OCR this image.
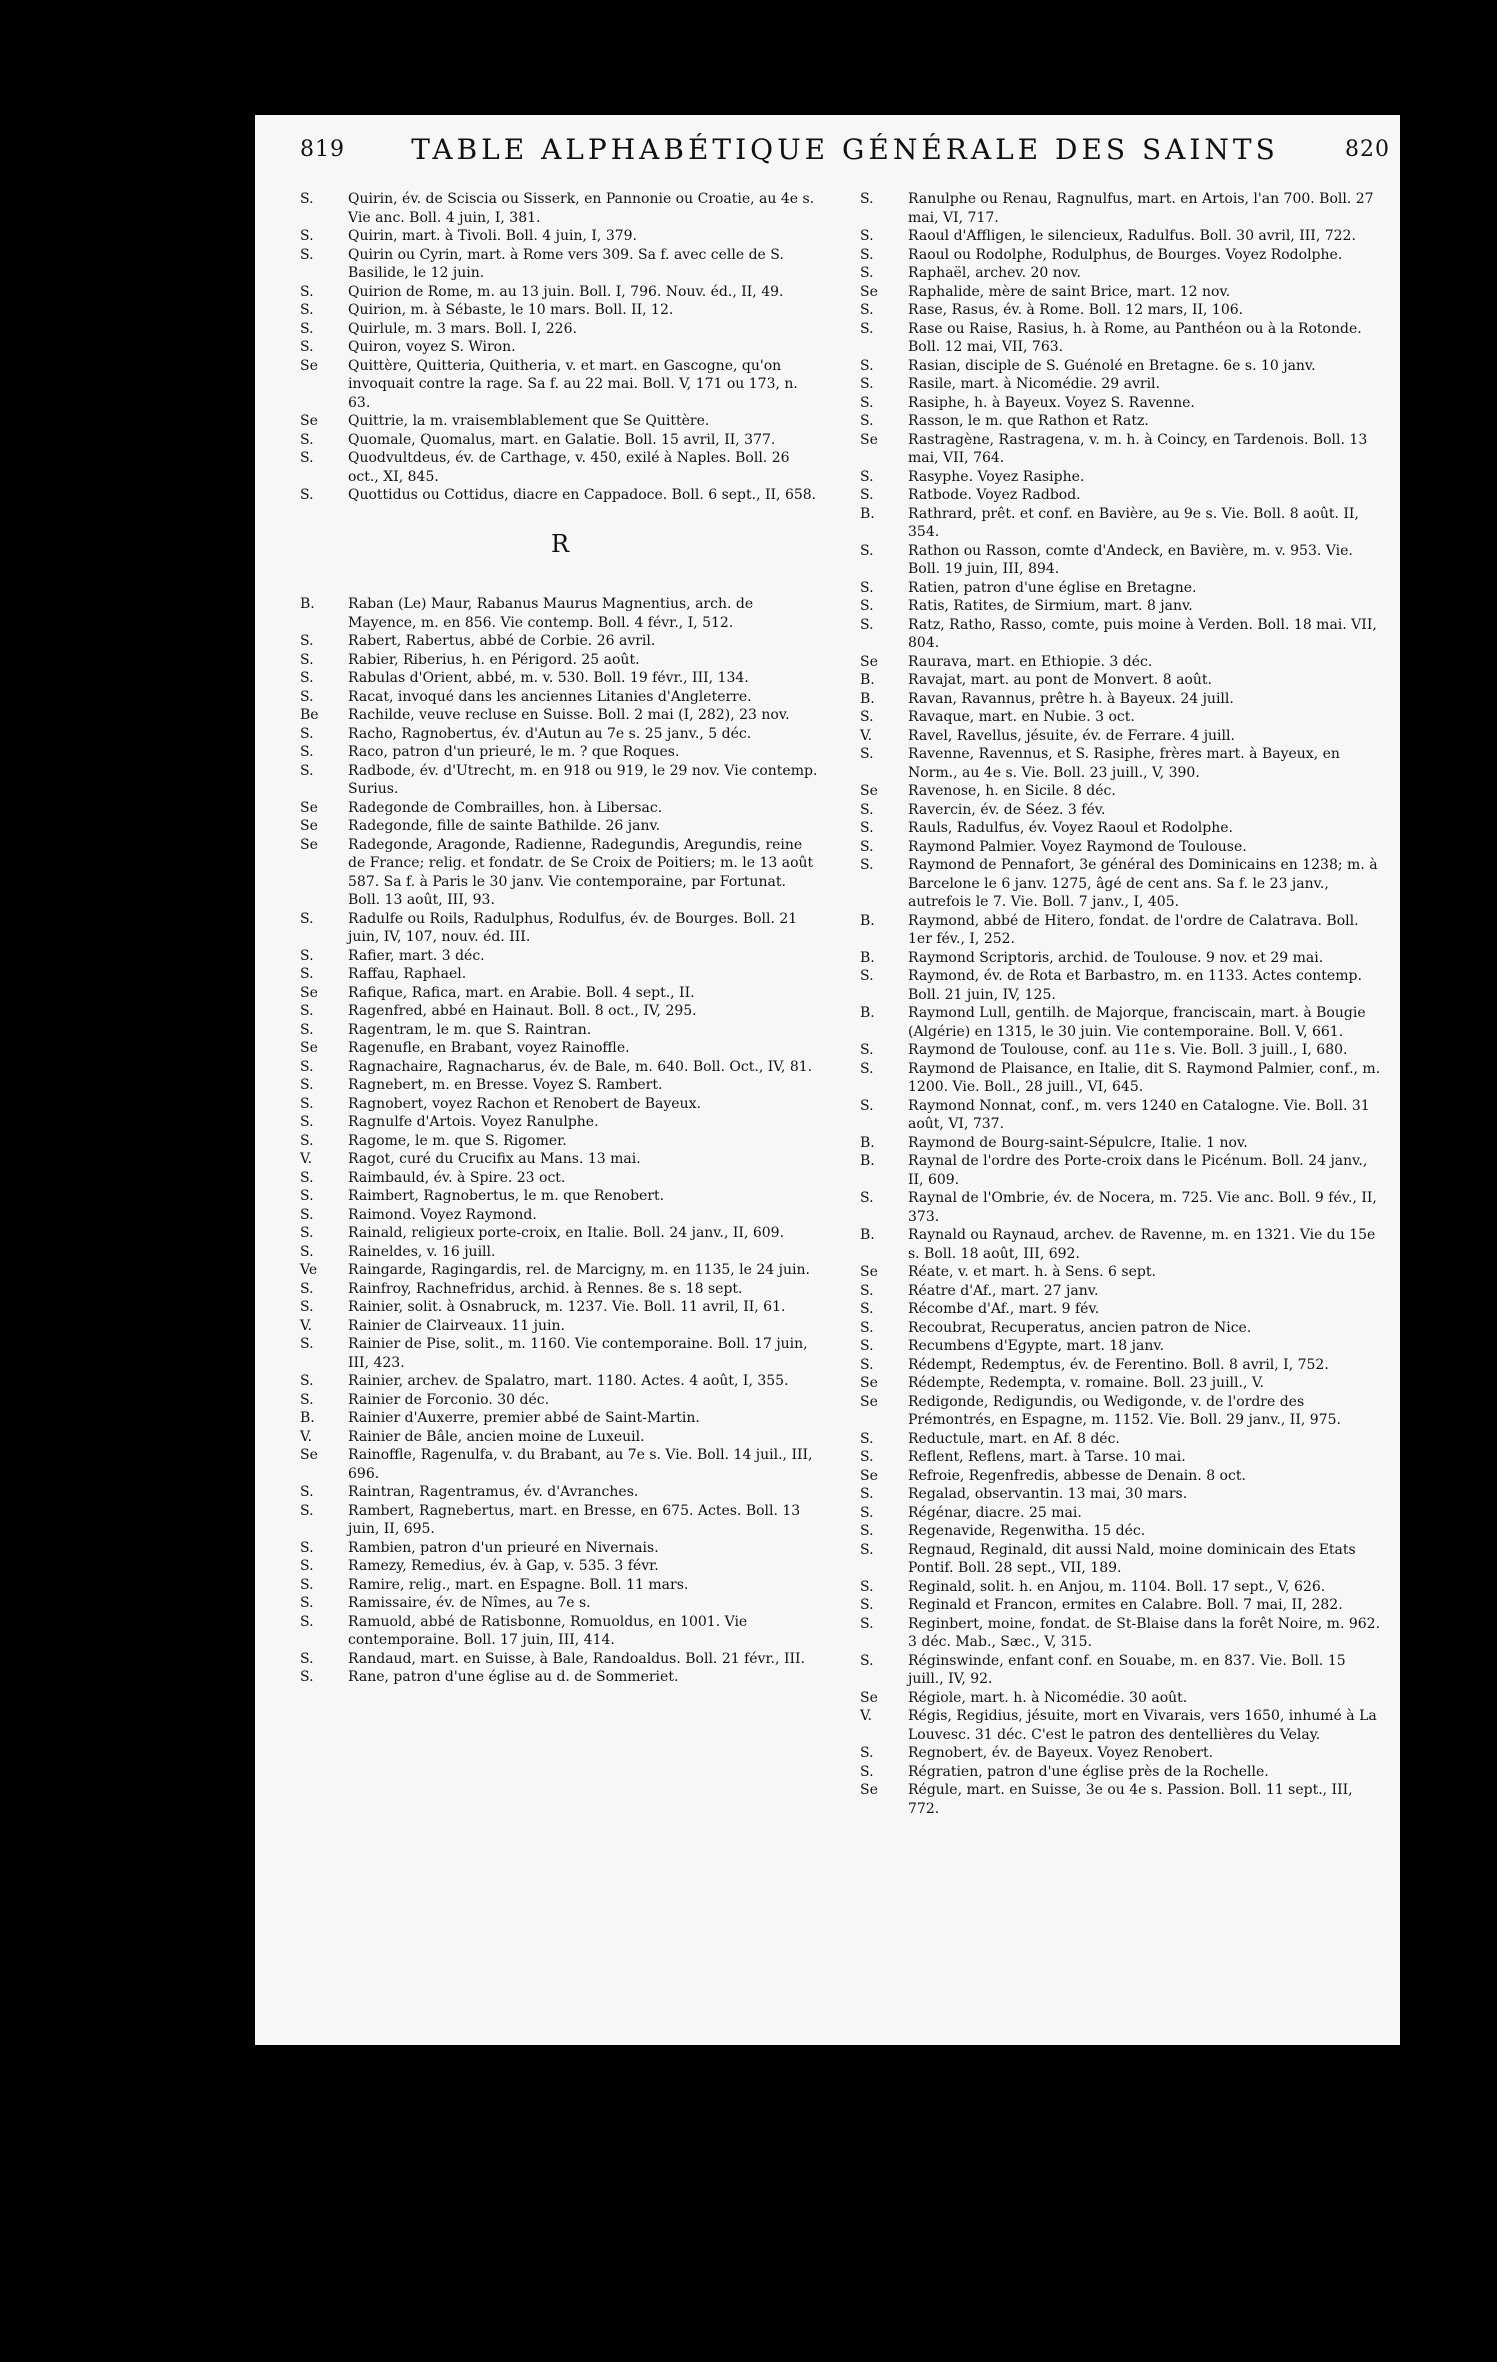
819	TABLE ALPHABÉTIQUE GÉNÉRALE DES SAINTS	820
S.	Quirin, év. de Sciscia ou Sisserk, en Pannonie ou Croatie, au 4e s. Vie anc. Boll. 4 juin, I, 381.
S.	Quirin, mart. à Tivoli. Boll. 4 juin, I, 379.
S.	Quirin ou Cyrin, mart. à Rome vers 309. Sa f. avec celle de S. Basilide, le 12 juin.
S.	Quirion de Rome, m. au 13 juin. Boll. I, 796. Nouv. éd., II, 49.
S.	Quirion, m. à Sébaste, le 10 mars. Boll. II, 12.
S.	Quirlule, m. 3 mars. Boll. I, 226.
S.	Quiron, voyez S. Wiron.
Se	Quittère, Quitteria, Quitheria, v. et mart. en Gascogne, qu'on invoquait contre la rage. Sa f. au 22 mai. Boll. V, 171 ou 173, n. 63.
Se	Quittrie, la m. vraisemblablement que Se Quittère.
S.	Quomale, Quomalus, mart. en Galatie. Boll. 15 avril, II, 377.
S.	Quodvultdeus, év. de Carthage, v. 450, exilé à Naples. Boll. 26 oct., XI, 845.
S.	Quottidus ou Cottidus, diacre en Cappadoce. Boll. 6 sept., II, 658.
R
B.	Raban (Le) Maur, Rabanus Maurus Magnentius, arch. de Mayence, m. en 856. Vie contemp. Boll. 4 févr., I, 512.
S.	Rabert, Rabertus, abbé de Corbie. 26 avril.
S.	Rabier, Riberius, h. en Périgord. 25 août.
S.	Rabulas d'Orient, abbé, m. v. 530. Boll. 19 févr., III, 134.
S.	Racat, invoqué dans les anciennes Litanies d'Angleterre.
Be	Rachilde, veuve recluse en Suisse. Boll. 2 mai (I, 282), 23 nov.
S.	Racho, Ragnobertus, év. d'Autun au 7e s. 25 janv., 5 déc.
S.	Raco, patron d'un prieuré, le m. ? que Roques.
S.	Radbode, év. d'Utrecht, m. en 918 ou 919, le 29 nov. Vie contemp. Surius.
Se	Radegonde de Combrailles, hon. à Libersac.
Se	Radegonde, fille de sainte Bathilde. 26 janv.
Se	Radegonde, Aragonde, Radienne, Radegundis, Aregundis, reine de France; relig. et fondatr. de Se Croix de Poitiers; m. le 13 août 587. Sa f. à Paris le 30 janv. Vie contemporaine, par Fortunat. Boll. 13 août, III, 93.
S.	Radulfe ou Roils, Radulphus, Rodulfus, év. de Bourges. Boll. 21 juin, IV, 107, nouv. éd. III.
S.	Rafier, mart. 3 déc.
S.	Raffau, Raphael.
Se	Rafique, Rafica, mart. en Arabie. Boll. 4 sept., II.
S.	Ragenfred, abbé en Hainaut. Boll. 8 oct., IV, 295.
S.	Ragentram, le m. que S. Raintran.
Se	Ragenufle, en Brabant, voyez Rainoffle.
S.	Ragnachaire, Ragnacharus, év. de Bale, m. 640. Boll. Oct., IV, 81.
S.	Ragnebert, m. en Bresse. Voyez S. Rambert.
S.	Ragnobert, voyez Rachon et Renobert de Bayeux.
S.	Ragnulfe d'Artois. Voyez Ranulphe.
S.	Ragome, le m. que S. Rigomer.
V.	Ragot, curé du Crucifix au Mans. 13 mai.
S.	Raimbauld, év. à Spire. 23 oct.
S.	Raimbert, Ragnobertus, le m. que Renobert.
S.	Raimond. Voyez Raymond.
S.	Rainald, religieux porte-croix, en Italie. Boll. 24 janv., II, 609.
S.	Raineldes, v. 16 juill.
Ve	Raingarde, Ragingardis, rel. de Marcigny, m. en 1135, le 24 juin.
S.	Rainfroy, Rachnefridus, archid. à Rennes. 8e s. 18 sept.
S.	Rainier, solit. à Osnabruck, m. 1237. Vie. Boll. 11 avril, II, 61.
V.	Rainier de Clairveaux. 11 juin.
S.	Rainier de Pise, solit., m. 1160. Vie contemporaine. Boll. 17 juin, III, 423.
S.	Rainier, archev. de Spalatro, mart. 1180. Actes. 4 août, I, 355.
S.	Rainier de Forconio. 30 déc.
B.	Rainier d'Auxerre, premier abbé de Saint-Martin.
V.	Rainier de Bâle, ancien moine de Luxeuil.
Se	Rainoffle, Ragenulfa, v. du Brabant, au 7e s. Vie. Boll. 14 juil., III, 696.
S.	Raintran, Ragentramus, év. d'Avranches.
S.	Rambert, Ragnebertus, mart. en Bresse, en 675. Actes. Boll. 13 juin, II, 695.
S.	Rambien, patron d'un prieuré en Nivernais.
S.	Ramezy, Remedius, év. à Gap, v. 535. 3 févr.
S.	Ramire, relig., mart. en Espagne. Boll. 11 mars.
S.	Ramissaire, év. de Nîmes, au 7e s.
S.	Ramuold, abbé de Ratisbonne, Romuoldus, en 1001. Vie contemporaine. Boll. 17 juin, III, 414.
S.	Randaud, mart. en Suisse, à Bale, Randoaldus. Boll. 21 févr., III.
S.	Rane, patron d'une église au d. de Sommeriet.
S.	Ranulphe ou Renau, Ragnulfus, mart. en Artois, l'an 700. Boll. 27 mai, VI, 717.
S.	Raoul d'Affligen, le silencieux, Radulfus. Boll. 30 avril, III, 722.
S.	Raoul ou Rodolphe, Rodulphus, de Bourges. Voyez Rodolphe.
S.	Raphaël, archev. 20 nov.
Se	Raphalide, mère de saint Brice, mart. 12 nov.
S.	Rase, Rasus, év. à Rome. Boll. 12 mars, II, 106.
S.	Rase ou Raise, Rasius, h. à Rome, au Panthéon ou à la Rotonde. Boll. 12 mai, VII, 763.
S.	Rasian, disciple de S. Guénolé en Bretagne. 6e s. 10 janv.
S.	Rasile, mart. à Nicomédie. 29 avril.
S.	Rasiphe, h. à Bayeux. Voyez S. Ravenne.
S.	Rasson, le m. que Rathon et Ratz.
Se	Rastragène, Rastragena, v. m. h. à Coincy, en Tardenois. Boll. 13 mai, VII, 764.
S.	Rasyphe. Voyez Rasiphe.
S.	Ratbode. Voyez Radbod.
B.	Rathrard, prêt. et conf. en Bavière, au 9e s. Vie. Boll. 8 août. II, 354.
S.	Rathon ou Rasson, comte d'Andeck, en Bavière, m. v. 953. Vie. Boll. 19 juin, III, 894.
S.	Ratien, patron d'une église en Bretagne.
S.	Ratis, Ratites, de Sirmium, mart. 8 janv.
S.	Ratz, Ratho, Rasso, comte, puis moine à Verden. Boll. 18 mai. VII, 804.
Se	Raurava, mart. en Ethiopie. 3 déc.
B.	Ravajat, mart. au pont de Monvert. 8 août.
B.	Ravan, Ravannus, prêtre h. à Bayeux. 24 juill.
S.	Ravaque, mart. en Nubie. 3 oct.
V.	Ravel, Ravellus, jésuite, év. de Ferrare. 4 juill.
S.	Ravenne, Ravennus, et S. Rasiphe, frères mart. à Bayeux, en Norm., au 4e s. Vie. Boll. 23 juill., V, 390.
Se	Ravenose, h. en Sicile. 8 déc.
S.	Ravercin, év. de Séez. 3 fév.
S.	Rauls, Radulfus, év. Voyez Raoul et Rodolphe.
S.	Raymond Palmier. Voyez Raymond de Toulouse.
S.	Raymond de Pennafort, 3e général des Dominicains en 1238; m. à Barcelone le 6 janv. 1275, âgé de cent ans. Sa f. le 23 janv., autrefois le 7. Vie. Boll. 7 janv., I, 405.
B.	Raymond, abbé de Hitero, fondat. de l'ordre de Calatrava. Boll. 1er fév., I, 252.
B.	Raymond Scriptoris, archid. de Toulouse. 9 nov. et 29 mai.
S.	Raymond, év. de Rota et Barbastro, m. en 1133. Actes contemp. Boll. 21 juin, IV, 125.
B.	Raymond Lull, gentilh. de Majorque, franciscain, mart. à Bougie (Algérie) en 1315, le 30 juin. Vie contemporaine. Boll. V, 661.
S.	Raymond de Toulouse, conf. au 11e s. Vie. Boll. 3 juill., I, 680.
S.	Raymond de Plaisance, en Italie, dit S. Raymond Palmier, conf., m. 1200. Vie. Boll., 28 juill., VI, 645.
S.	Raymond Nonnat, conf., m. vers 1240 en Catalogne. Vie. Boll. 31 août, VI, 737.
B.	Raymond de Bourg-saint-Sépulcre, Italie. 1 nov.
B.	Raynal de l'ordre des Porte-croix dans le Picénum. Boll. 24 janv., II, 609.
S.	Raynal de l'Ombrie, év. de Nocera, m. 725. Vie anc. Boll. 9 fév., II, 373.
B.	Raynald ou Raynaud, archev. de Ravenne, m. en 1321. Vie du 15e s. Boll. 18 août, III, 692.
Se	Réate, v. et mart. h. à Sens. 6 sept.
S.	Réatre d'Af., mart. 27 janv.
S.	Récombe d'Af., mart. 9 fév.
S.	Recoubrat, Recuperatus, ancien patron de Nice.
S.	Recumbens d'Egypte, mart. 18 janv.
S.	Rédempt, Redemptus, év. de Ferentino. Boll. 8 avril, I, 752.
Se	Rédempte, Redempta, v. romaine. Boll. 23 juill., V.
Se	Redigonde, Redigundis, ou Wedigonde, v. de l'ordre des Prémontrés, en Espagne, m. 1152. Vie. Boll. 29 janv., II, 975.
S.	Reductule, mart. en Af. 8 déc.
S.	Reflent, Reflens, mart. à Tarse. 10 mai.
Se	Refroie, Regenfredis, abbesse de Denain. 8 oct.
S.	Regalad, observantin. 13 mai, 30 mars.
S.	Régénar, diacre. 25 mai.
S.	Regenavide, Regenwitha. 15 déc.
S.	Regnaud, Reginald, dit aussi Nald, moine dominicain des Etats Pontif. Boll. 28 sept., VII, 189.
S.	Reginald, solit. h. en Anjou, m. 1104. Boll. 17 sept., V, 626.
S.	Reginald et Francon, ermites en Calabre. Boll. 7 mai, II, 282.
S.	Reginbert, moine, fondat. de St-Blaise dans la forêt Noire, m. 962. 3 déc. Mab., Sæc., V, 315.
S.	Réginswinde, enfant conf. en Souabe, m. en 837. Vie. Boll. 15 juill., IV, 92.
Se	Régiole, mart. h. à Nicomédie. 30 août.
V.	Régis, Regidius, jésuite, mort en Vivarais, vers 1650, inhumé à La Louvesc. 31 déc. C'est le patron des dentellières du Velay.
S.	Regnobert, év. de Bayeux. Voyez Renobert.
S.	Régratien, patron d'une église près de la Rochelle.
Se	Régule, mart. en Suisse, 3e ou 4e s. Passion. Boll. 11 sept., III, 772.
